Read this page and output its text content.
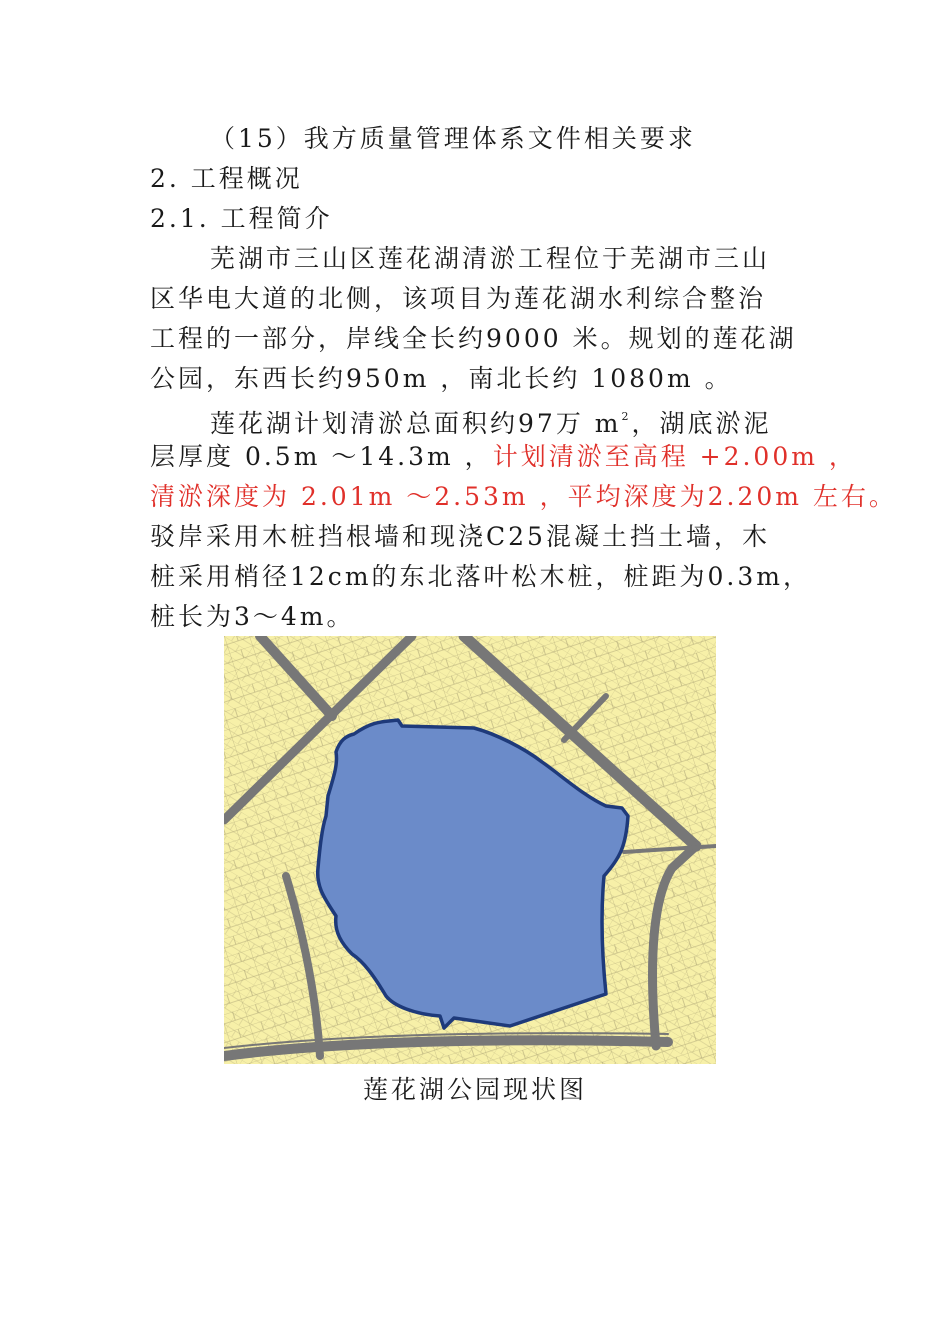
（15）我方质量管理体系文件相关要求
2. 工程概况
2.1. 工程简介
芜湖市三山区莲花湖清淤工程位于芜湖市三山
区华电大道的北侧，该项目为莲花湖水利综合整治
工程的一部分，岸线全长约9000 米。规划的莲花湖
公园，东西长约950m ，南北长约 1080m 。
莲花湖计划清淤总面积约97万 $m^2$，湖底淤泥
层厚度 0.5m ～14.3m ，计划清淤至高程 +2.00m ，
清淤深度为 2.01m ～2.53m ，平均深度为2.20m 左右。
驳岸采用木桩挡根墙和现浇C25混凝土挡土墙，木
桩采用梢径12cm的东北落叶松木桩，桩距为0.3m，
桩长为3～4m。
莲花湖公园现状图
